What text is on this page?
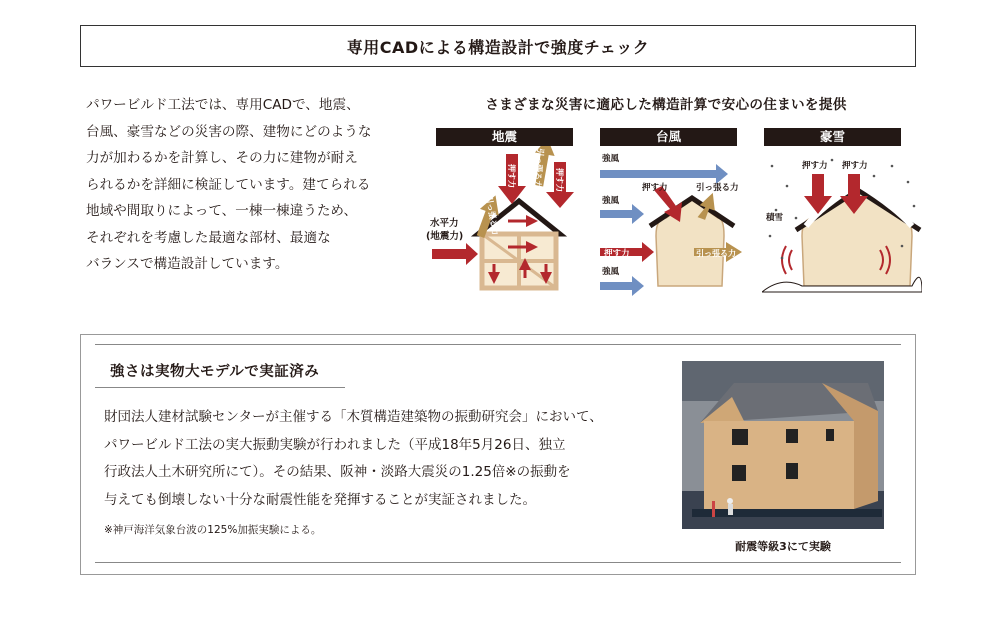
専用CADによる構造設計で強度チェック
パワービルド工法では、専用CADで、地震、
台風、豪雪などの災害の際、建物にどのような
力が加わるかを計算し、その力に建物が耐え
られるかを詳細に検証しています。建てられる
地域や間取りによって、一棟一棟違うため、
それぞれを考慮した最適な部材、最適な
バランスで構造設計しています。
さまざまな災害に適応した構造計算で安心の住まいを提供
地震	台風	豪雪
引っ張る力
押す力 引っ張る力 押す力
水平力
(地震力)
強風
強風
押す力
強風
押す力	引っ張る力
引っ張る力
押す力 押す力
積雪
強さは実物大モデルで実証済み
財団法人建材試験センターが主催する「木質構造建築物の振動研究会」において、
パワービルド工法の実大振動実験が行われました（平成18年5月26日、独立
行政法人土木研究所にて）。その結果、阪神・淡路大震災の1.25倍※の振動を
与えても倒壊しない十分な耐震性能を発揮することが実証されました。
※神戸海洋気象台波の125%加振実験による。
耐震等級3にて実験
